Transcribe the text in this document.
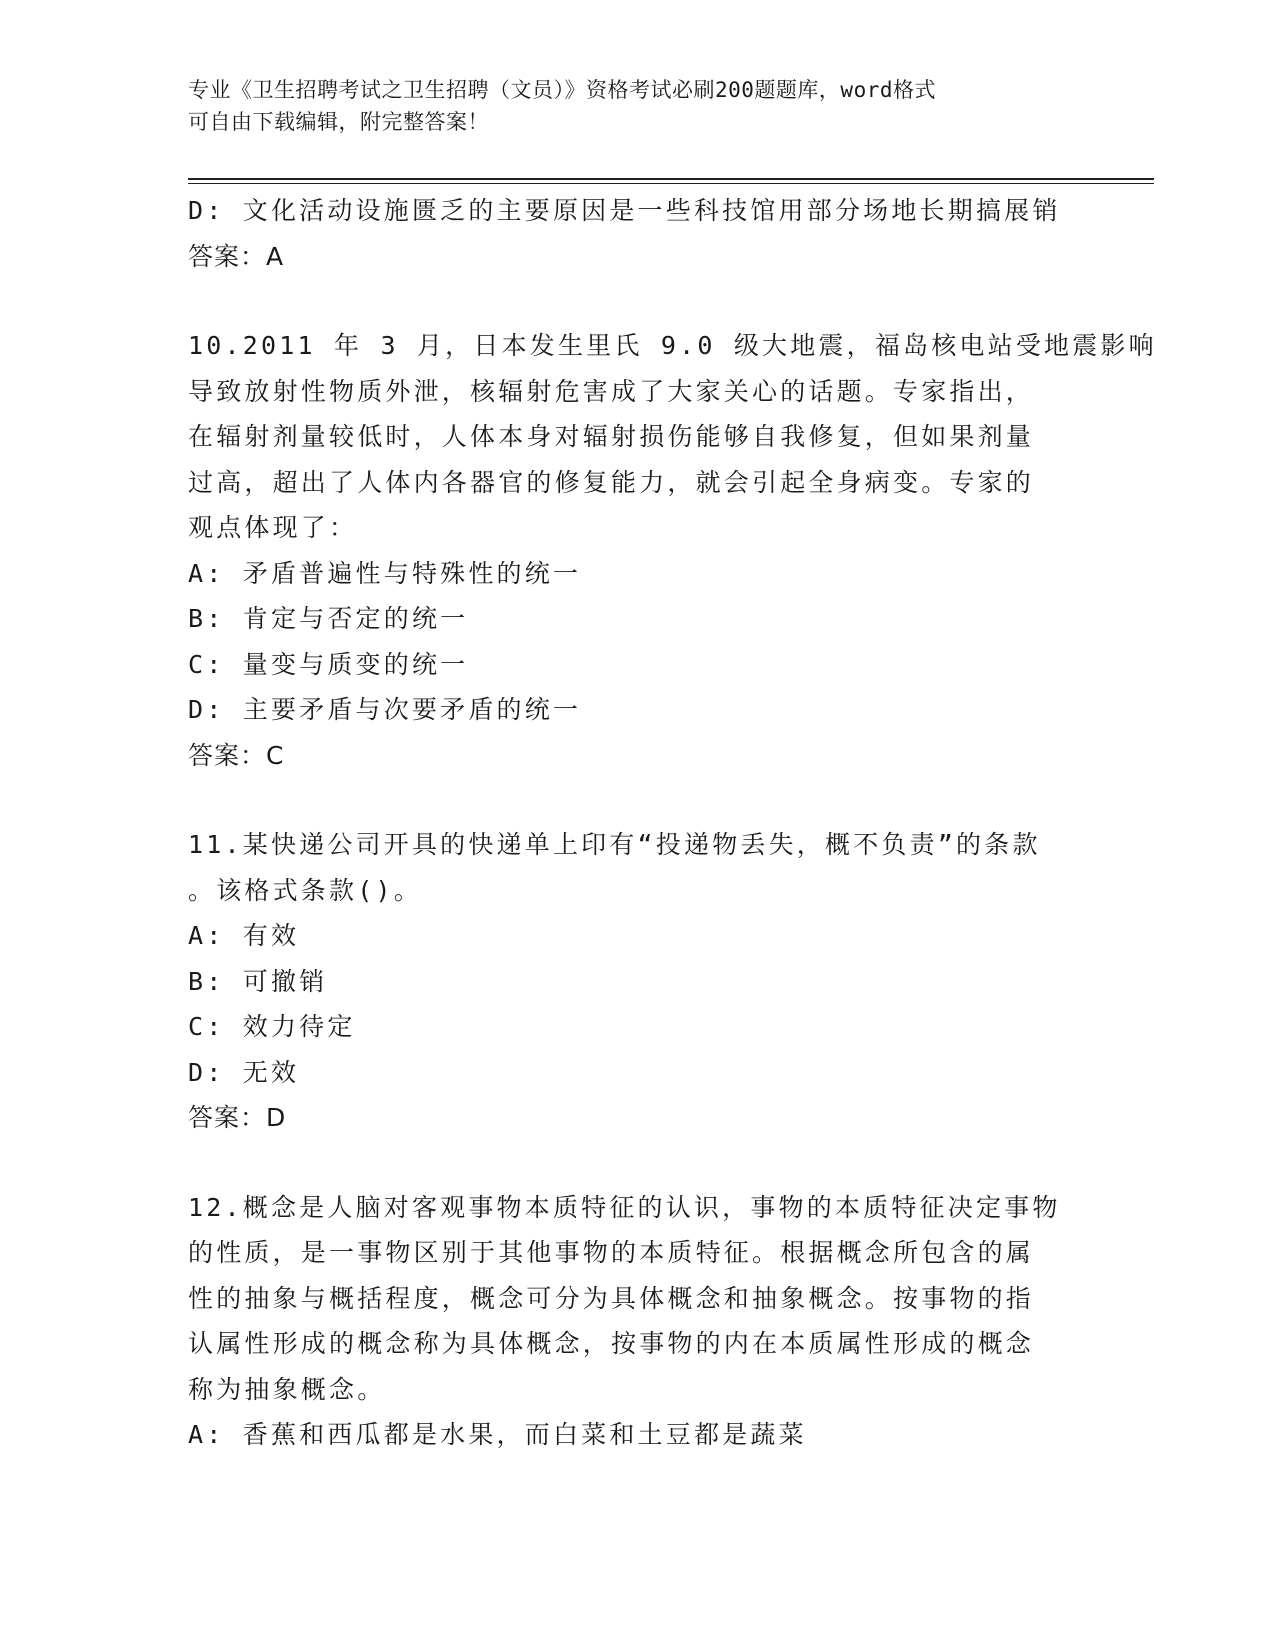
专业《卫生招聘考试之卫生招聘（文员）》资格考试必刷200题题库，word格式
可自由下载编辑，附完整答案！
D: 文化活动设施匮乏的主要原因是一些科技馆用部分场地长期搞展销
答案：A
10.2011 年 3 月，日本发生里氏 9.0 级大地震，福岛核电站受地震影响
导致放射性物质外泄，核辐射危害成了大家关心的话题。专家指出，
在辐射剂量较低时，人体本身对辐射损伤能够自我修复，但如果剂量
过高，超出了人体内各器官的修复能力，就会引起全身病变。专家的
观点体现了：
A: 矛盾普遍性与特殊性的统一
B: 肯定与否定的统一
C: 量变与质变的统一
D: 主要矛盾与次要矛盾的统一
答案：C
11.某快递公司开具的快递单上印有“投递物丢失，概不负责”的条款
。该格式条款()。
A: 有效
B: 可撤销
C: 效力待定
D: 无效
答案：D
12.概念是人脑对客观事物本质特征的认识，事物的本质特征决定事物
的性质，是一事物区别于其他事物的本质特征。根据概念所包含的属
性的抽象与概括程度，概念可分为具体概念和抽象概念。按事物的指
认属性形成的概念称为具体概念，按事物的内在本质属性形成的概念
称为抽象概念。
A: 香蕉和西瓜都是水果，而白菜和土豆都是蔬菜
